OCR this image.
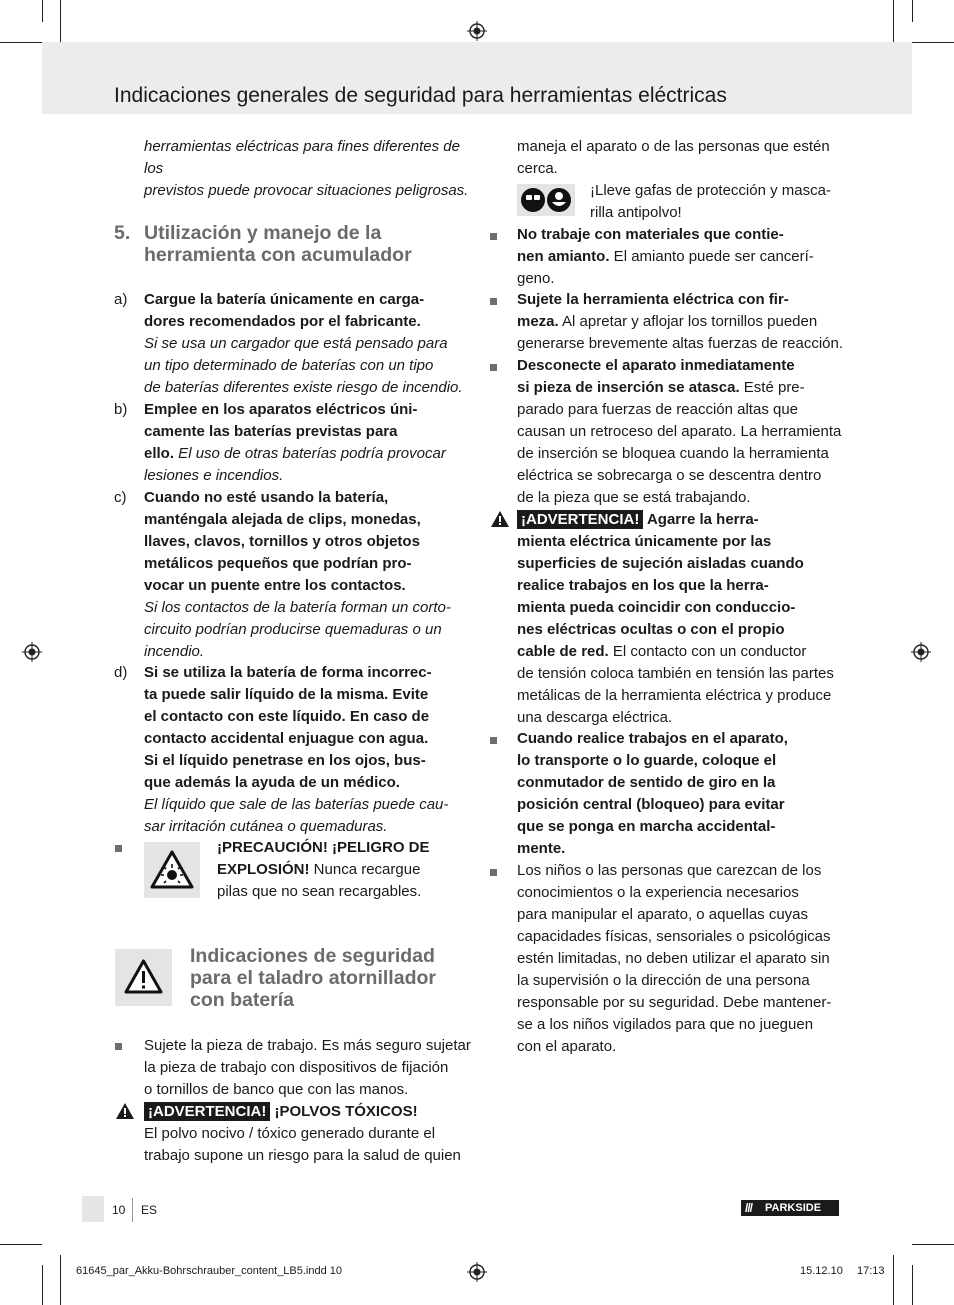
Indicaciones generales de seguridad para herramientas eléctricas
herramientas eléctricas para fines diferentes de los
previstos puede provocar situaciones peligrosas.
5. Utilización y manejo de la
herramienta con acumulador
a) Cargue la batería únicamente en carga-
dores recomendados por el fabricante.
Si se usa un cargador que está pensado para
un tipo determinado de baterías con un tipo
de baterías diferentes existe riesgo de incendio.
b) Emplee en los aparatos eléctricos úni-
camente las baterías previstas para
ello. El uso de otras baterías podría provocar
lesiones e incendios.
c) Cuando no esté usando la batería,
manténgala alejada de clips, monedas,
llaves, clavos, tornillos y otros objetos
metálicos pequeños que podrían pro-
vocar un puente entre los contactos.
Si los contactos de la batería forman un corto-
circuito podrían producirse quemaduras o un
incendio.
d) Si se utiliza la batería de forma incorrec-
ta puede salir líquido de la misma. Evite
el contacto con este líquido. En caso de
contacto accidental enjuague con agua.
Si el líquido penetrase en los ojos, bus-
que además la ayuda de un médico.
El líquido que sale de las baterías puede cau-
sar irritación cutánea o quemaduras.
¡PRECAUCIÓN! ¡PELIGRO DE
EXPLOSIÓN! Nunca recargue
pilas que no sean recargables.
Indicaciones de seguridad
para el taladro atornillador
con batería
Sujete la pieza de trabajo. Es más seguro sujetar
la pieza de trabajo con dispositivos de fijación
o tornillos de banco que con las manos.
¡ADVERTENCIA! ¡POLVOS TÓXICOS!
El polvo nocivo / tóxico generado durante el
trabajo supone un riesgo para la salud de quien
maneja el aparato o de las personas que estén
cerca.
¡Lleve gafas de protección y masca-
rilla antipolvo!
No trabaje con materiales que contie-
nen amianto. El amianto puede ser cancerí-
geno.
Sujete la herramienta eléctrica con fir-
meza. Al apretar y aflojar los tornillos pueden
generarse brevemente altas fuerzas de reacción.
Desconecte el aparato inmediatamente
si pieza de inserción se atasca. Esté pre-
parado para fuerzas de reacción altas que
causan un retroceso del aparato. La herramienta
de inserción se bloquea cuando la herramienta
eléctrica se sobrecarga o se descentra dentro
de la pieza que se está trabajando.
¡ADVERTENCIA! Agarre la herra-
mienta eléctrica únicamente por las
superficies de sujeción aisladas cuando
realice trabajos en los que la herra-
mienta pueda coincidir con conduccio-
nes eléctricas ocultas o con el propio
cable de red. El contacto con un conductor
de tensión coloca también en tensión las partes
metálicas de la herramienta eléctrica y produce
una descarga eléctrica.
Cuando realice trabajos en el aparato,
lo transporte o lo guarde, coloque el
conmutador de sentido de giro en la
posición central (bloqueo) para evitar
que se ponga en marcha accidental-
mente.
Los niños o las personas que carezcan de los
conocimientos o la experiencia necesarios
para manipular el aparato, o aquellas cuyas
capacidades físicas, sensoriales o psicológicas
estén limitadas, no deben utilizar el aparato sin
la supervisión o la dirección de una persona
responsable por su seguridad. Debe mantener-
se a los niños vigilados para que no jueguen
con el aparato.
10 ES	/// PARKSIDE
61645_par_Akku-Bohrschrauber_content_LB5.indd 10	15.12.10 17:13
